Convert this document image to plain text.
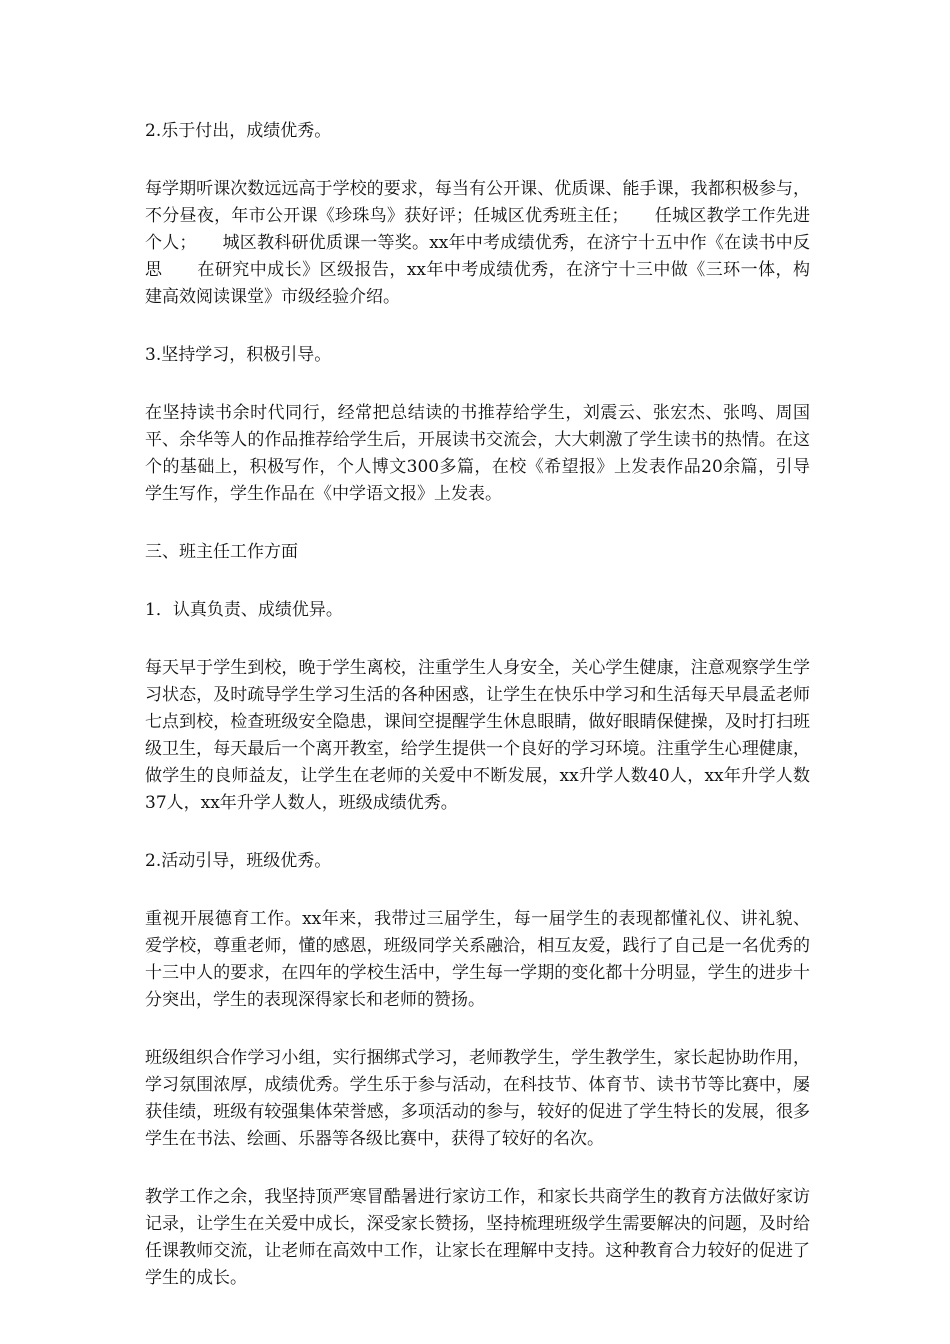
2.乐于付出，成绩优秀。

每学期听课次数远远高于学校的要求，每当有公开课、优质课、能手课，我都积极参与，不分昼夜，年市公开课《珍珠鸟》获好评；任城区优秀班主任；　　任城区教学工作先进个人；　　城区教科研优质课一等奖。xx年中考成绩优秀，在济宁十五中作《在读书中反思　　在研究中成长》区级报告，xx年中考成绩优秀，在济宁十三中做《三环一体，构建高效阅读课堂》市级经验介绍。

3.坚持学习，积极引导。

在坚持读书余时代同行，经常把总结读的书推荐给学生，刘震云、张宏杰、张鸣、周国平、余华等人的作品推荐给学生后，开展读书交流会，大大刺激了学生读书的热情。在这个的基础上，积极写作，个人博文300多篇，在校《希望报》上发表作品20余篇，引导学生写作，学生作品在《中学语文报》上发表。

三、班主任工作方面

1．认真负责、成绩优异。

每天早于学生到校，晚于学生离校，注重学生人身安全，关心学生健康，注意观察学生学习状态，及时疏导学生学习生活的各种困惑，让学生在快乐中学习和生活每天早晨孟老师七点到校，检查班级安全隐患，课间空提醒学生休息眼睛，做好眼睛保健操，及时打扫班级卫生，每天最后一个离开教室，给学生提供一个良好的学习环境。注重学生心理健康，做学生的良师益友，让学生在老师的关爱中不断发展，xx升学人数40人，xx年升学人数37人，xx年升学人数人，班级成绩优秀。

2.活动引导，班级优秀。

重视开展德育工作。xx年来，我带过三届学生，每一届学生的表现都懂礼仪、讲礼貌、爱学校，尊重老师，懂的感恩，班级同学关系融洽，相互友爱，践行了自己是一名优秀的十三中人的要求，在四年的学校生活中，学生每一学期的变化都十分明显，学生的进步十分突出，学生的表现深得家长和老师的赞扬。

班级组织合作学习小组，实行捆绑式学习，老师教学生，学生教学生，家长起协助作用，学习氛围浓厚，成绩优秀。学生乐于参与活动，在科技节、体育节、读书节等比赛中，屡获佳绩，班级有较强集体荣誉感，多项活动的参与，较好的促进了学生特长的发展，很多学生在书法、绘画、乐器等各级比赛中，获得了较好的名次。

教学工作之余，我坚持顶严寒冒酷暑进行家访工作，和家长共商学生的教育方法做好家访记录，让学生在关爱中成长，深受家长赞扬，坚持梳理班级学生需要解决的问题，及时给任课教师交流，让老师在高效中工作，让家长在理解中支持。这种教育合力较好的促进了学生的成长。
